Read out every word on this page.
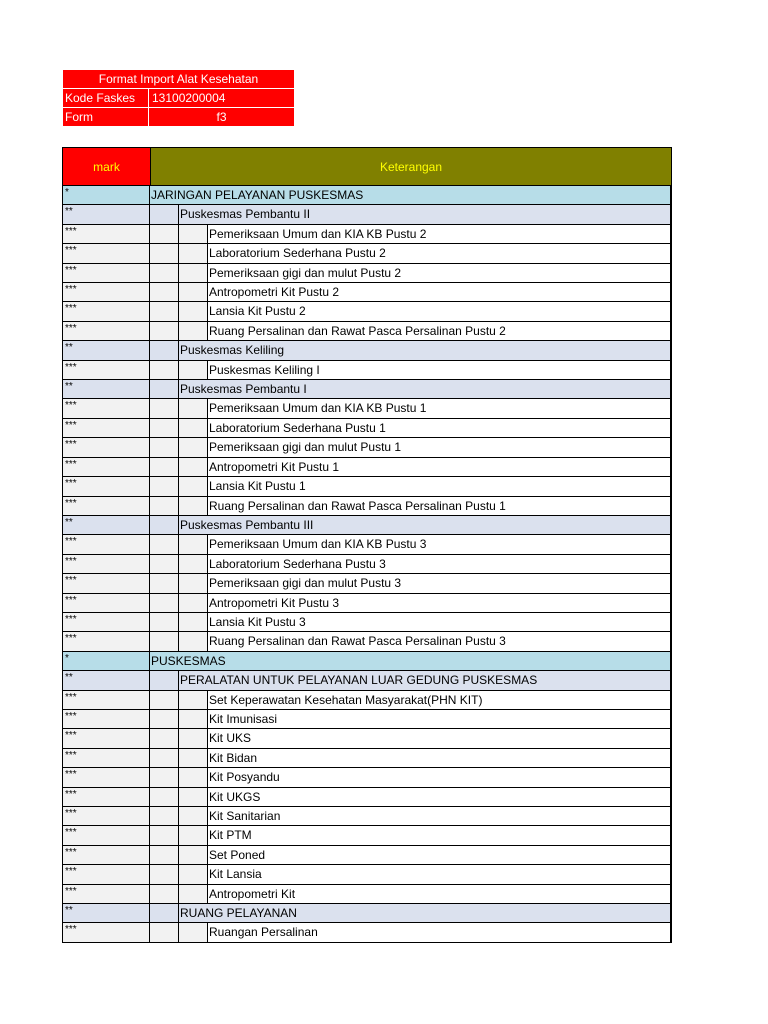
Format Import Alat Kesehatan
Kode Faskes	13100200004
Form	f3
mark	Keterangan
*	JARINGAN PELAYANAN PUSKESMAS
**	Puskesmas Pembantu II
***	Pemeriksaan Umum dan KIA KB Pustu 2
***	Laboratorium Sederhana Pustu 2
***	Pemeriksaan gigi dan mulut Pustu 2
***	Antropometri Kit Pustu 2
***	Lansia Kit Pustu 2
***	Ruang Persalinan dan Rawat Pasca Persalinan Pustu 2
**	Puskesmas Keliling
***	Puskesmas Keliling I
**	Puskesmas Pembantu I
***	Pemeriksaan Umum dan KIA KB Pustu 1
***	Laboratorium Sederhana Pustu 1
***	Pemeriksaan gigi dan mulut Pustu 1
***	Antropometri Kit Pustu 1
***	Lansia Kit Pustu 1
***	Ruang Persalinan dan Rawat Pasca Persalinan Pustu 1
**	Puskesmas Pembantu III
***	Pemeriksaan Umum dan KIA KB Pustu 3
***	Laboratorium Sederhana Pustu 3
***	Pemeriksaan gigi dan mulut Pustu 3
***	Antropometri Kit Pustu 3
***	Lansia Kit Pustu 3
***	Ruang Persalinan dan Rawat Pasca Persalinan Pustu 3
*	PUSKESMAS
**	PERALATAN UNTUK PELAYANAN LUAR GEDUNG PUSKESMAS
***	Set Keperawatan Kesehatan Masyarakat(PHN KIT)
***	Kit Imunisasi
***	Kit UKS
***	Kit Bidan
***	Kit Posyandu
***	Kit UKGS
***	Kit Sanitarian
***	Kit PTM
***	Set Poned
***	Kit Lansia
***	Antropometri Kit
**	RUANG PELAYANAN
***	Ruangan Persalinan
